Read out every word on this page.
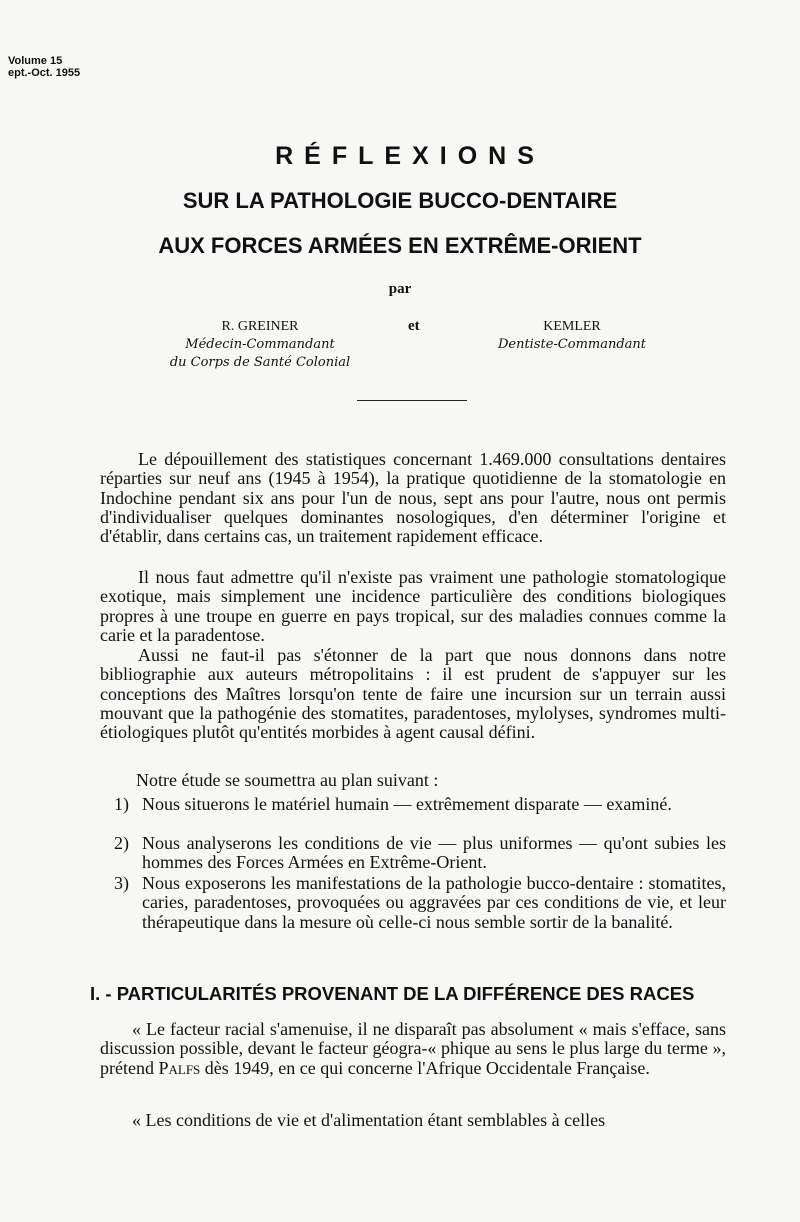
Volume 15
ept.-Oct. 1955
RÉFLEXIONS
SUR LA PATHOLOGIE BUCCO-DENTAIRE
AUX FORCES ARMÉES EN EXTRÊME-ORIENT
par
R. GREINER
Médecin-Commandant
du Corps de Santé Colonial
et	KEMLER
Dentiste-Commandant
Le dépouillement des statistiques concernant 1.469.000 consultations dentaires réparties sur neuf ans (1945 à 1954), la pratique quotidienne de la stomatologie en Indochine pendant six ans pour l'un de nous, sept ans pour l'autre, nous ont permis d'individualiser quelques dominantes nosologiques, d'en déterminer l'origine et d'établir, dans certains cas, un traitement rapidement efficace.
Il nous faut admettre qu'il n'existe pas vraiment une pathologie stomatologique exotique, mais simplement une incidence particulière des conditions biologiques propres à une troupe en guerre en pays tropical, sur des maladies connues comme la carie et la paradentose.
Aussi ne faut-il pas s'étonner de la part que nous donnons dans notre bibliographie aux auteurs métropolitains : il est prudent de s'appuyer sur les conceptions des Maîtres lorsqu'on tente de faire une incursion sur un terrain aussi mouvant que la pathogénie des stomatites, paradentoses, mylolyses, syndromes multi-étiologiques plutôt qu'entités morbides à agent causal défini.
Notre étude se soumettra au plan suivant :
1) Nous situerons le matériel humain — extrêmement disparate — examiné.
2) Nous analyserons les conditions de vie — plus uniformes — qu'ont subies les hommes des Forces Armées en Extrême-Orient.
3) Nous exposerons les manifestations de la pathologie bucco-dentaire : stomatites, caries, paradentoses, provoquées ou aggravées par ces conditions de vie, et leur thérapeutique dans la mesure où celle-ci nous semble sortir de la banalité.
I. - PARTICULARITÉS PROVENANT DE LA DIFFÉRENCE DES RACES
« Le facteur racial s'amenuise, il ne disparaît pas absolument « mais s'efface, sans discussion possible, devant le facteur géogra-« phique au sens le plus large du terme », prétend Palfs dès 1949, en ce qui concerne l'Afrique Occidentale Française.
« Les conditions de vie et d'alimentation étant semblables à celles
